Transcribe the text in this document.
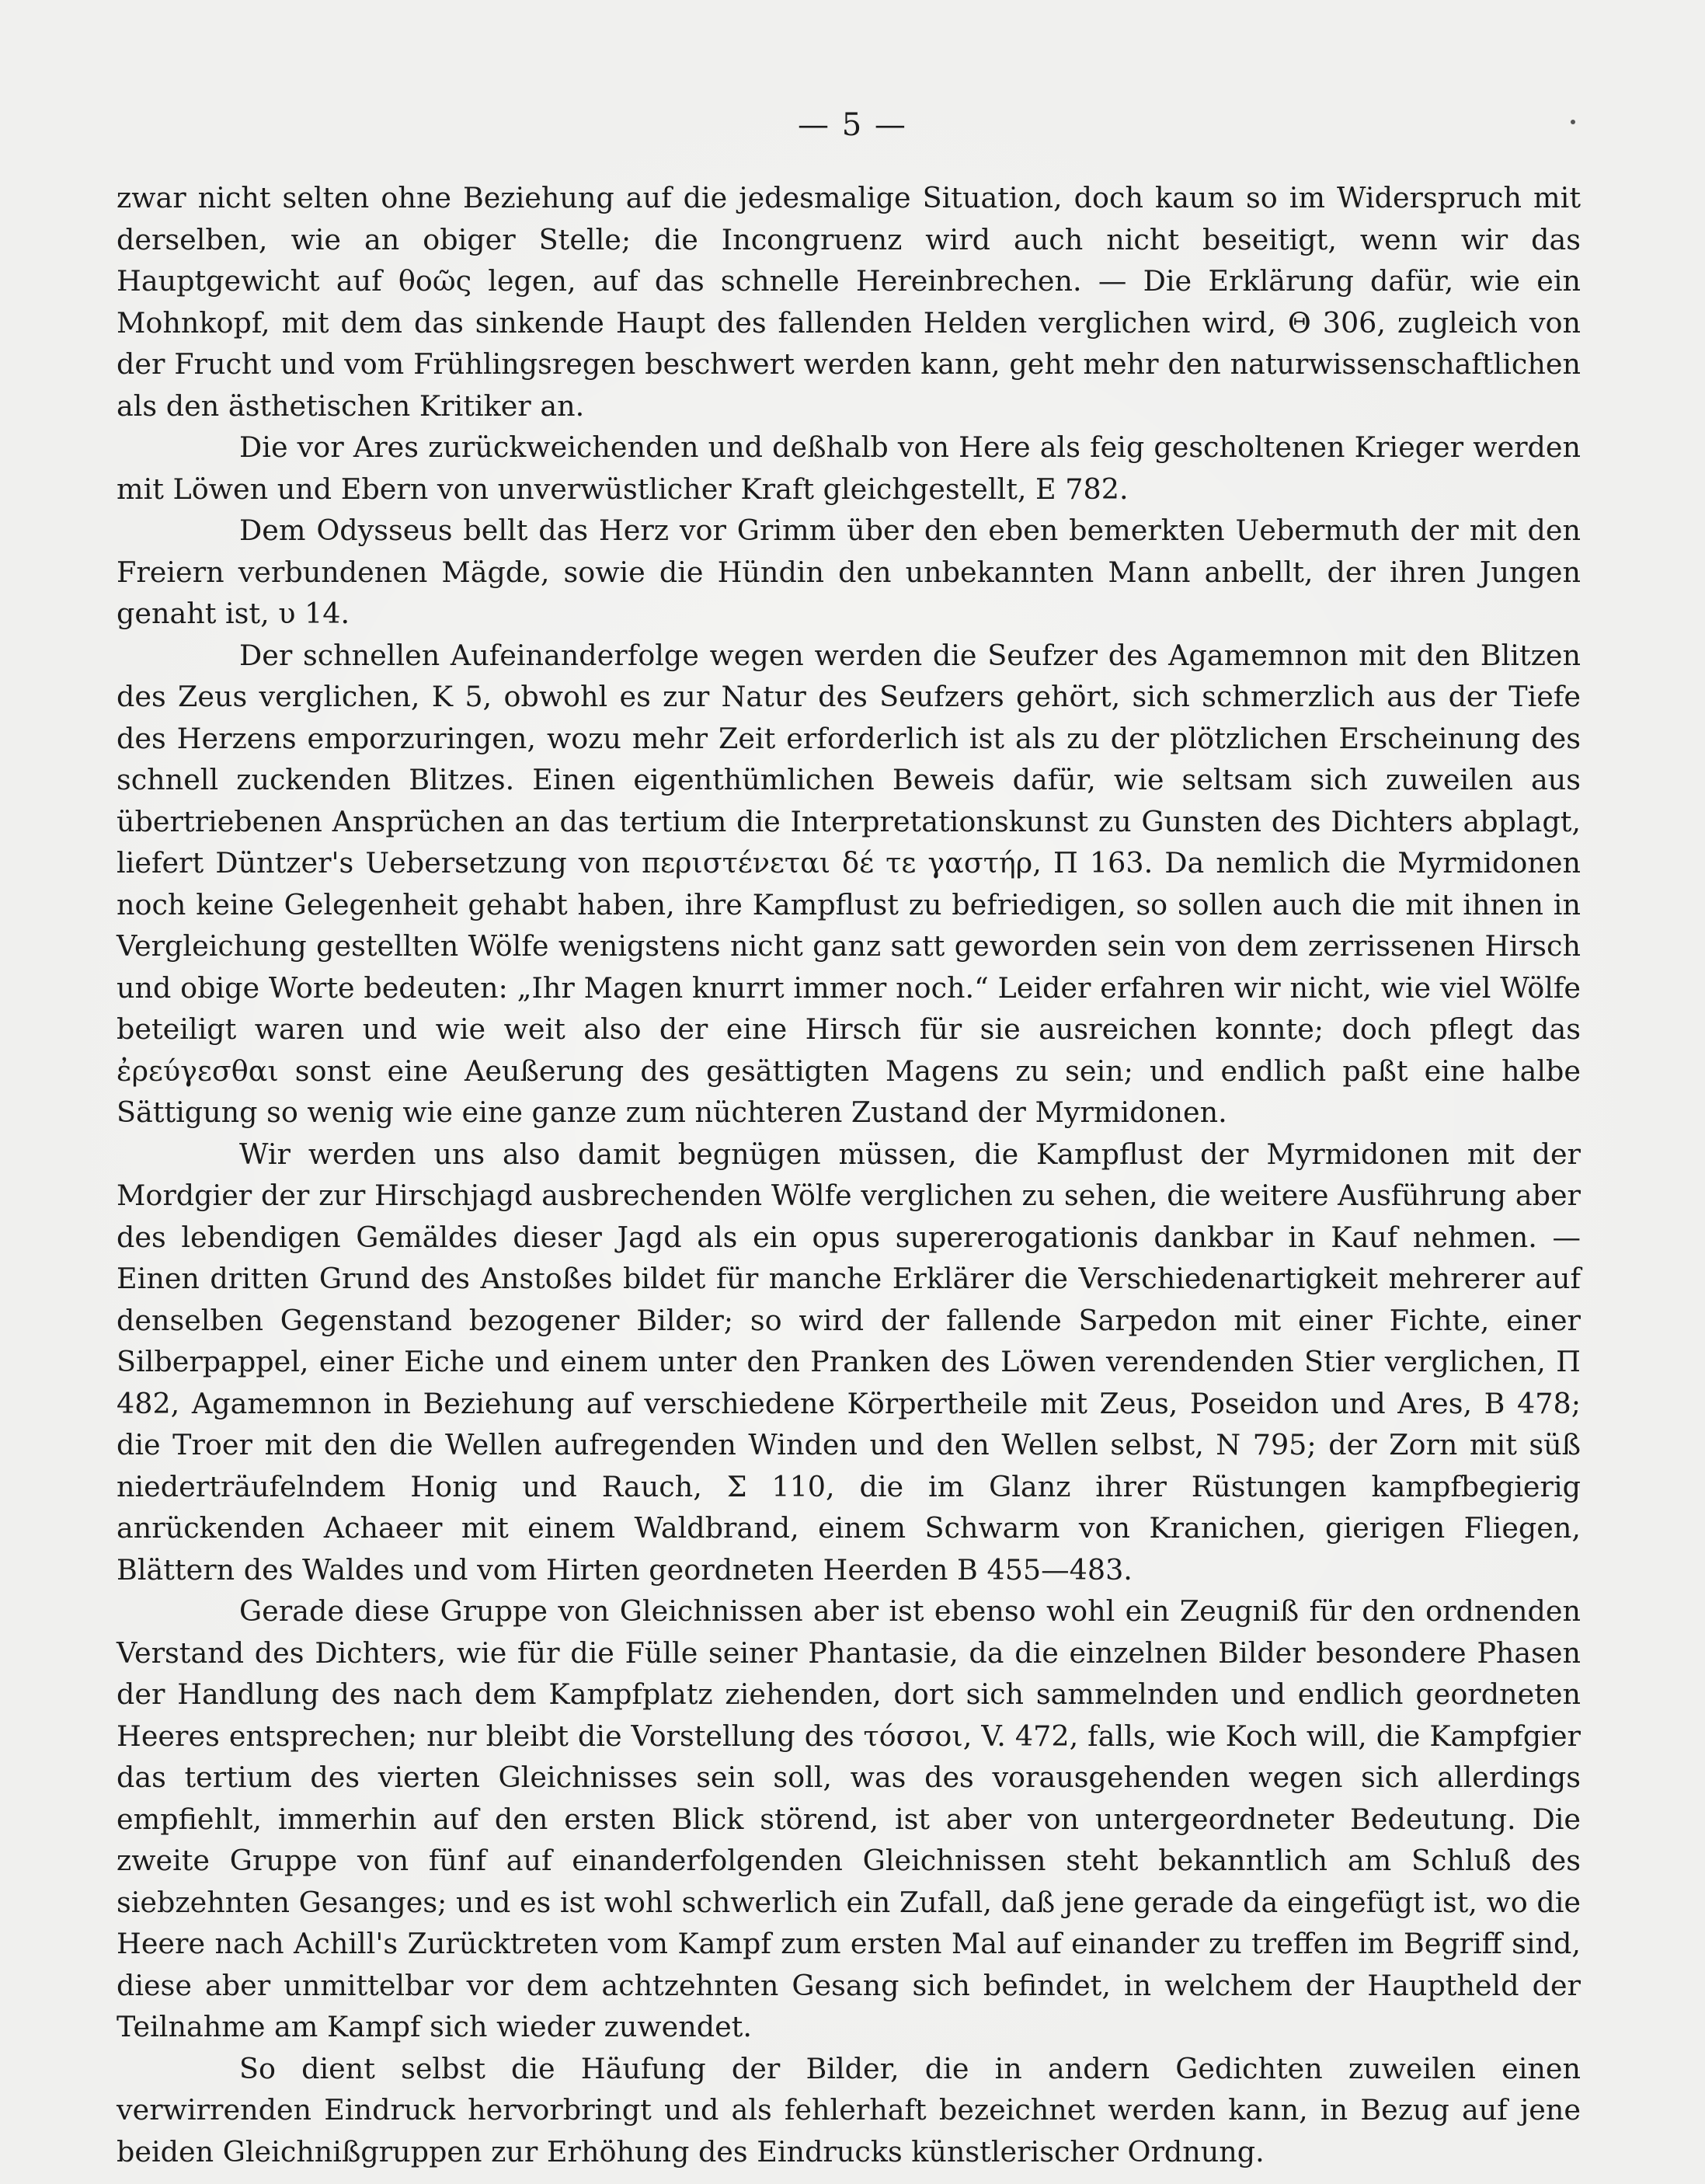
— 5 —

zwar nicht selten ohne Beziehung auf die jedesmalige Situation, doch kaum so im Widerspruch mit derselben, wie an obiger Stelle; die Incongruenz wird auch nicht beseitigt, wenn wir das Hauptgewicht auf θοῶς legen, auf das schnelle Hereinbrechen. — Die Erklärung dafür, wie ein Mohnkopf, mit dem das sinkende Haupt des fallenden Helden verglichen wird, Θ 306, zugleich von der Frucht und vom Frühlingsregen beschwert werden kann, geht mehr den naturwissenschaftlichen als den ästhetischen Kritiker an.

Die vor Ares zurückweichenden und deßhalb von Here als feig gescholtenen Krieger werden mit Löwen und Ebern von unverwüstlicher Kraft gleichgestellt, E 782.

Dem Odysseus bellt das Herz vor Grimm über den eben bemerkten Uebermuth der mit den Freiern verbundenen Mägde, sowie die Hündin den unbekannten Mann anbellt, der ihren Jungen genaht ist, υ 14.

Der schnellen Aufeinanderfolge wegen werden die Seufzer des Agamemnon mit den Blitzen des Zeus verglichen, K 5, obwohl es zur Natur des Seufzers gehört, sich schmerzlich aus der Tiefe des Herzens emporzuringen, wozu mehr Zeit erforderlich ist als zu der plötzlichen Erscheinung des schnell zuckenden Blitzes. Einen eigenthümlichen Beweis dafür, wie seltsam sich zuweilen aus übertriebenen Ansprüchen an das tertium die Interpretationskunst zu Gunsten des Dichters abplagt, liefert Düntzer's Uebersetzung von περιστένεται δέ τε γαστήρ, Π 163. Da nemlich die Myrmidonen noch keine Gelegenheit gehabt haben, ihre Kampflust zu befriedigen, so sollen auch die mit ihnen in Vergleichung gestellten Wölfe wenigstens nicht ganz satt geworden sein von dem zerrissenen Hirsch und obige Worte bedeuten: „Ihr Magen knurrt immer noch.“ Leider erfahren wir nicht, wie viel Wölfe beteiligt waren und wie weit also der eine Hirsch für sie ausreichen konnte; doch pflegt das ἐρεύγεσθαι sonst eine Aeußerung des gesättigten Magens zu sein; und endlich paßt eine halbe Sättigung so wenig wie eine ganze zum nüchteren Zustand der Myrmidonen.

Wir werden uns also damit begnügen müssen, die Kampflust der Myrmidonen mit der Mordgier der zur Hirschjagd ausbrechenden Wölfe verglichen zu sehen, die weitere Ausführung aber des lebendigen Gemäldes dieser Jagd als ein opus supererogationis dankbar in Kauf nehmen. — Einen dritten Grund des Anstoßes bildet für manche Erklärer die Verschiedenartigkeit mehrerer auf denselben Gegenstand bezogener Bilder; so wird der fallende Sarpedon mit einer Fichte, einer Silberpappel, einer Eiche und einem unter den Pranken des Löwen verendenden Stier verglichen, Π 482, Agamemnon in Beziehung auf verschiedene Körpertheile mit Zeus, Poseidon und Ares, B 478; die Troer mit den die Wellen aufregenden Winden und den Wellen selbst, N 795; der Zorn mit süß niederträufelndem Honig und Rauch, Σ 110, die im Glanz ihrer Rüstungen kampfbegierig anrückenden Achaeer mit einem Waldbrand, einem Schwarm von Kranichen, gierigen Fliegen, Blättern des Waldes und vom Hirten geordneten Heerden B 455—483.

Gerade diese Gruppe von Gleichnissen aber ist ebenso wohl ein Zeugniß für den ordnenden Verstand des Dichters, wie für die Fülle seiner Phantasie, da die einzelnen Bilder besondere Phasen der Handlung des nach dem Kampfplatz ziehenden, dort sich sammelnden und endlich geordneten Heeres entsprechen; nur bleibt die Vorstellung des τόσσοι, V. 472, falls, wie Koch will, die Kampfgier das tertium des vierten Gleichnisses sein soll, was des vorausgehenden wegen sich allerdings empfiehlt, immerhin auf den ersten Blick störend, ist aber von untergeordneter Bedeutung. Die zweite Gruppe von fünf auf einanderfolgenden Gleichnissen steht bekanntlich am Schluß des siebzehnten Gesanges; und es ist wohl schwerlich ein Zufall, daß jene gerade da eingefügt ist, wo die Heere nach Achill's Zurücktreten vom Kampf zum ersten Mal auf einander zu treffen im Begriff sind, diese aber unmittelbar vor dem achtzehnten Gesang sich befindet, in welchem der Hauptheld der Teilnahme am Kampf sich wieder zuwendet.

So dient selbst die Häufung der Bilder, die in andern Gedichten zuweilen einen verwirrenden Eindruck hervorbringt und als fehlerhaft bezeichnet werden kann, in Bezug auf jene beiden Gleichnißgruppen zur Erhöhung des Eindrucks künstlerischer Ordnung.
